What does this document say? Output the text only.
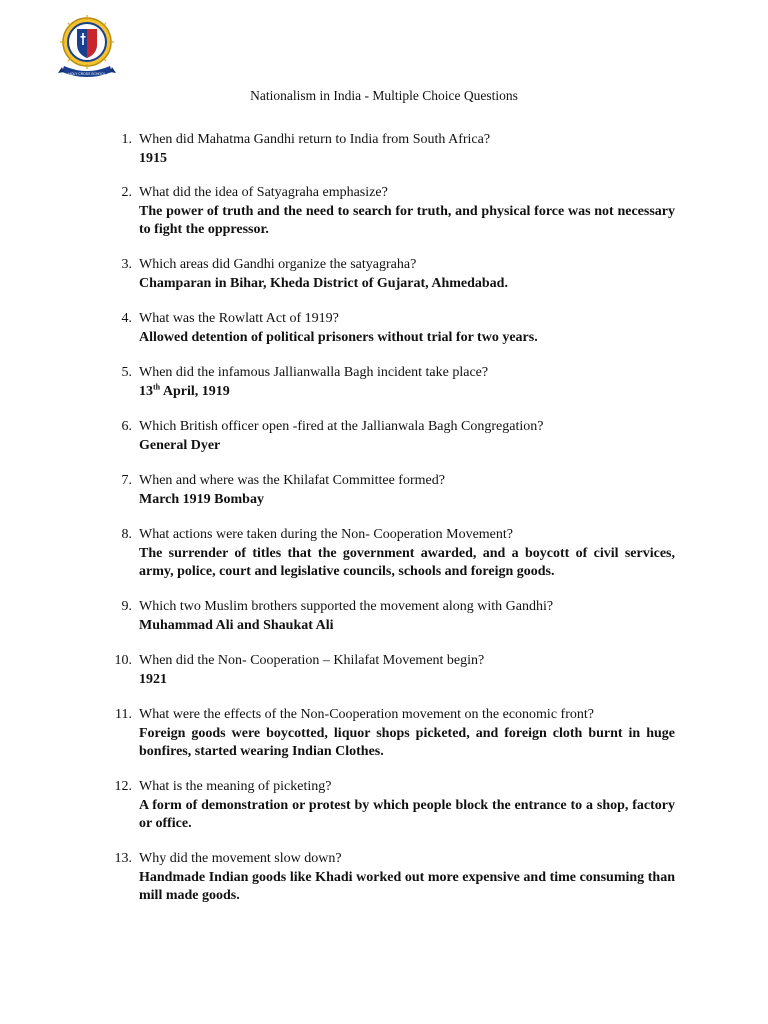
HOLY CROSS SCHOOL
Nationalism in India - Multiple Choice Questions
1. When did Mahatma Gandhi return to India from South Africa?
1915
2. What did the idea of Satyagraha emphasize?
The power of truth and the need to search for truth, and physical force was not necessary to fight the oppressor.
3. Which areas did Gandhi organize the satyagraha?
Champaran in Bihar, Kheda District of Gujarat, Ahmedabad.
4. What was the Rowlatt Act of 1919?
Allowed detention of political prisoners without trial for two years.
5. When did the infamous Jallianwalla Bagh incident take place?
13th April, 1919
6. Which British officer open -fired at the Jallianwala Bagh Congregation?
General Dyer
7. When and where was the Khilafat Committee formed?
March 1919 Bombay
8. What actions were taken during the Non- Cooperation Movement?
The surrender of titles that the government awarded, and a boycott of civil services, army, police, court and legislative councils, schools and foreign goods.
9. Which two Muslim brothers supported the movement along with Gandhi?
Muhammad Ali and Shaukat Ali
10. When did the Non- Cooperation – Khilafat Movement begin?
1921
11. What were the effects of the Non-Cooperation movement on the economic front?
Foreign goods were boycotted, liquor shops picketed, and foreign cloth burnt in huge bonfires, started wearing Indian Clothes.
12. What is the meaning of picketing?
A form of demonstration or protest by which people block the entrance to a shop, factory or office.
13. Why did the movement slow down?
Handmade Indian goods like Khadi worked out more expensive and time consuming than mill made goods.
